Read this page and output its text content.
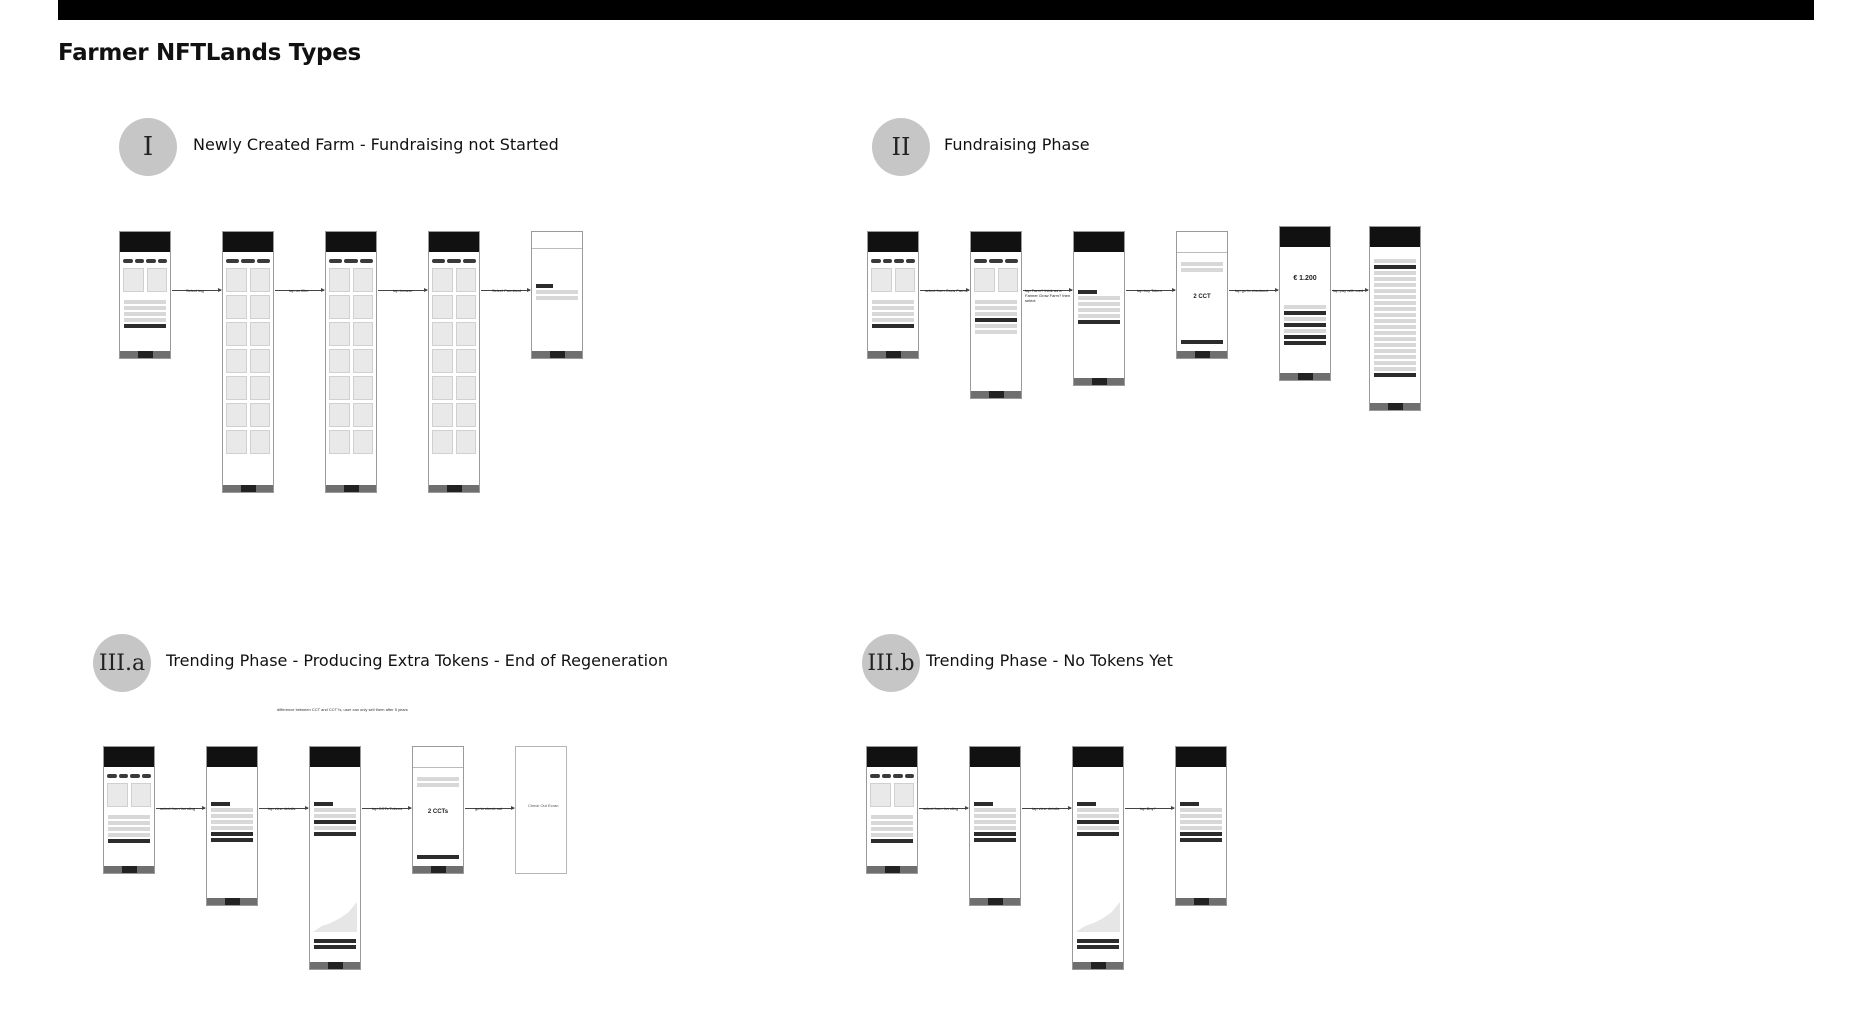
Farmer NFTLands Types
I	Newly Created Farm - Fundraising not Started	II	Fundraising Phase
III.a	Trending Phase - Producing Extra Tokens - End of Regeneration
difference between CCT and CCT?s, user can only sell them after 5 years
III.b Trending Phase - No Tokens Yet
Select tag	tap on filter	tap browse	Select Farmland
2 CCT
€ 1.200
select from Grow Farm	tap Farm? think as a Farmer Grow Farm? then select
tap buy Token	tap go to checkout	tap pay with card
2 CCTs
Check Out Ecran
select from trending	tap view details	tap CCTs Tokens	go to check out	select from trending	tap view details	tap Buy?
